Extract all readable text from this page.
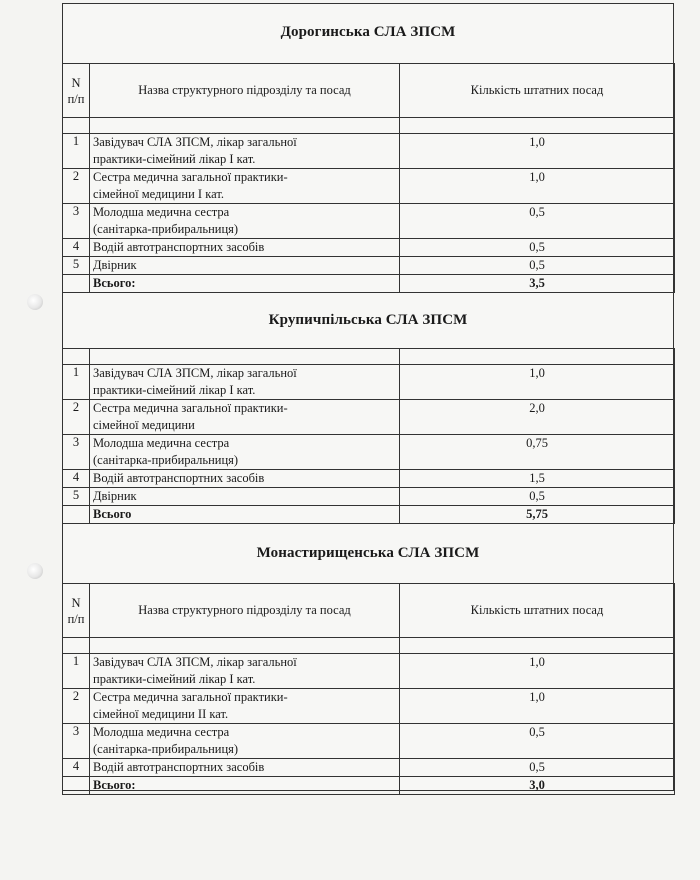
Дорогинська СЛА ЗПСМ
N
п/п	Назва структурного підрозділу та посад	Кількість штатних посад

1	Завідувач СЛА ЗПСМ, лікар загальної
практики-сімейний лікар І кат.	1,0
2	Сестра медична загальної практики-
сімейної медицини І кат.	1,0
3	Молодша медична сестра
(санітарка-прибиральниця)	0,5
4	Водій автотранспортних засобів	0,5
5	Двірник	0,5
	Всього:	3,5
Крупичпільська СЛА ЗПСМ

1	Завідувач СЛА ЗПСМ, лікар загальної
практики-сімейний лікар І кат.	1,0
2	Сестра медична загальної практики-
сімейної медицини	2,0
3	Молодша медична сестра
(санітарка-прибиральниця)	0,75
4	Водій автотранспортних засобів	1,5
5	Двірник	0,5
	Всього	5,75
Монастирищенська СЛА ЗПСМ
N
п/п	Назва структурного підрозділу та посад	Кількість штатних посад

1	Завідувач СЛА ЗПСМ, лікар загальної
практики-сімейний лікар І кат.	1,0
2	Сестра медична загальної практики-
сімейної медицини ІІ кат.	1,0
3	Молодша медична сестра
(санітарка-прибиральниця)	0,5
4	Водій автотранспортних засобів	0,5
	Всього:	3,0
